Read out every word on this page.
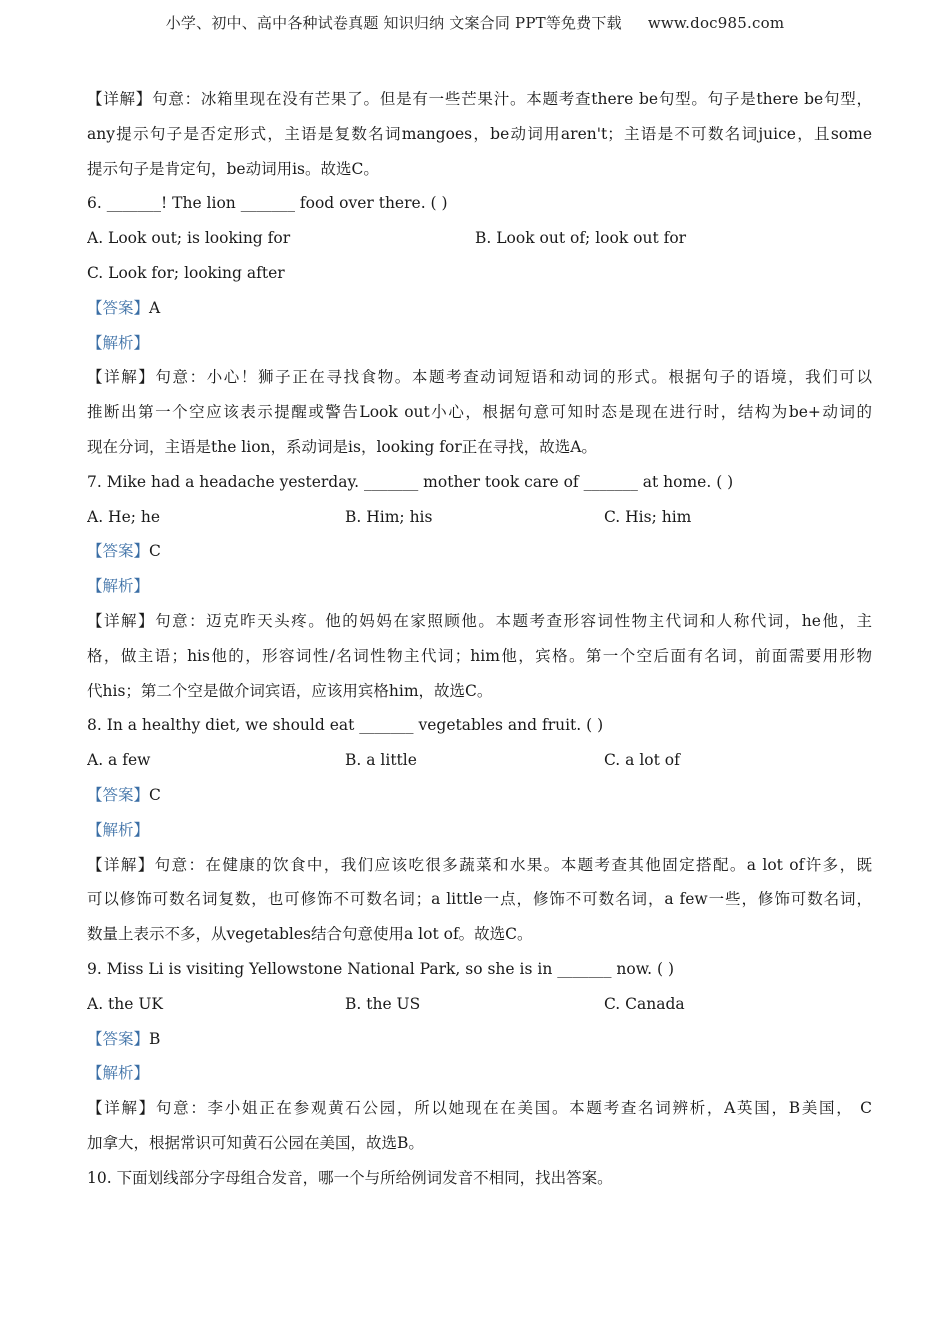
小学、初中、高中各种试卷真题 知识归纳 文案合同 PPT等免费下载 www.doc985.com
【详解】句意：冰箱里现在没有芒果了。但是有一些芒果汁。本题考查there be句型。句子是there be句型，
any提示句子是否定形式，主语是复数名词mangoes，be动词用aren't；主语是不可数名词juice，且some
提示句子是肯定句，be动词用is。故选C。
6. _______! The lion _______ food over there. ( )
A. Look out; is looking for	B. Look out of; look out for
C. Look for; looking after
【答案】A
【解析】
【详解】句意：小心！狮子正在寻找食物。本题考查动词短语和动词的形式。根据句子的语境，我们可以
推断出第一个空应该表示提醒或警告Look out小心，根据句意可知时态是现在进行时，结构为be+动词的
现在分词，主语是the lion，系动词是is，looking for正在寻找，故选A。
7. Mike had a headache yesterday. _______ mother took care of _______ at home. ( )
A. He; he	B. Him; his	C. His; him
【答案】C
【解析】
【详解】句意：迈克昨天头疼。他的妈妈在家照顾他。本题考查形容词性物主代词和人称代词，he他，主
格，做主语；his他的，形容词性/名词性物主代词；him他，宾格。第一个空后面有名词，前面需要用形物
代his；第二个空是做介词宾语，应该用宾格him，故选C。
8. In a healthy diet, we should eat _______ vegetables and fruit. ( )
A. a few	B. a little	C. a lot of
【答案】C
【解析】
【详解】句意：在健康的饮食中，我们应该吃很多蔬菜和水果。本题考查其他固定搭配。a lot of许多，既
可以修饰可数名词复数，也可修饰不可数名词；a little一点，修饰不可数名词，a few一些，修饰可数名词，
数量上表示不多，从vegetables结合句意使用a lot of。故选C。
9. Miss Li is visiting Yellowstone National Park, so she is in _______ now. ( )
A. the UK	B. the US	C. Canada
【答案】B
【解析】
【详解】句意：李小姐正在参观黄石公园，所以她现在在美国。本题考查名词辨析，A英国，B美国， C
加拿大，根据常识可知黄石公园在美国，故选B。
10. 下面划线部分字母组合发音，哪一个与所给例词发音不相同，找出答案。
